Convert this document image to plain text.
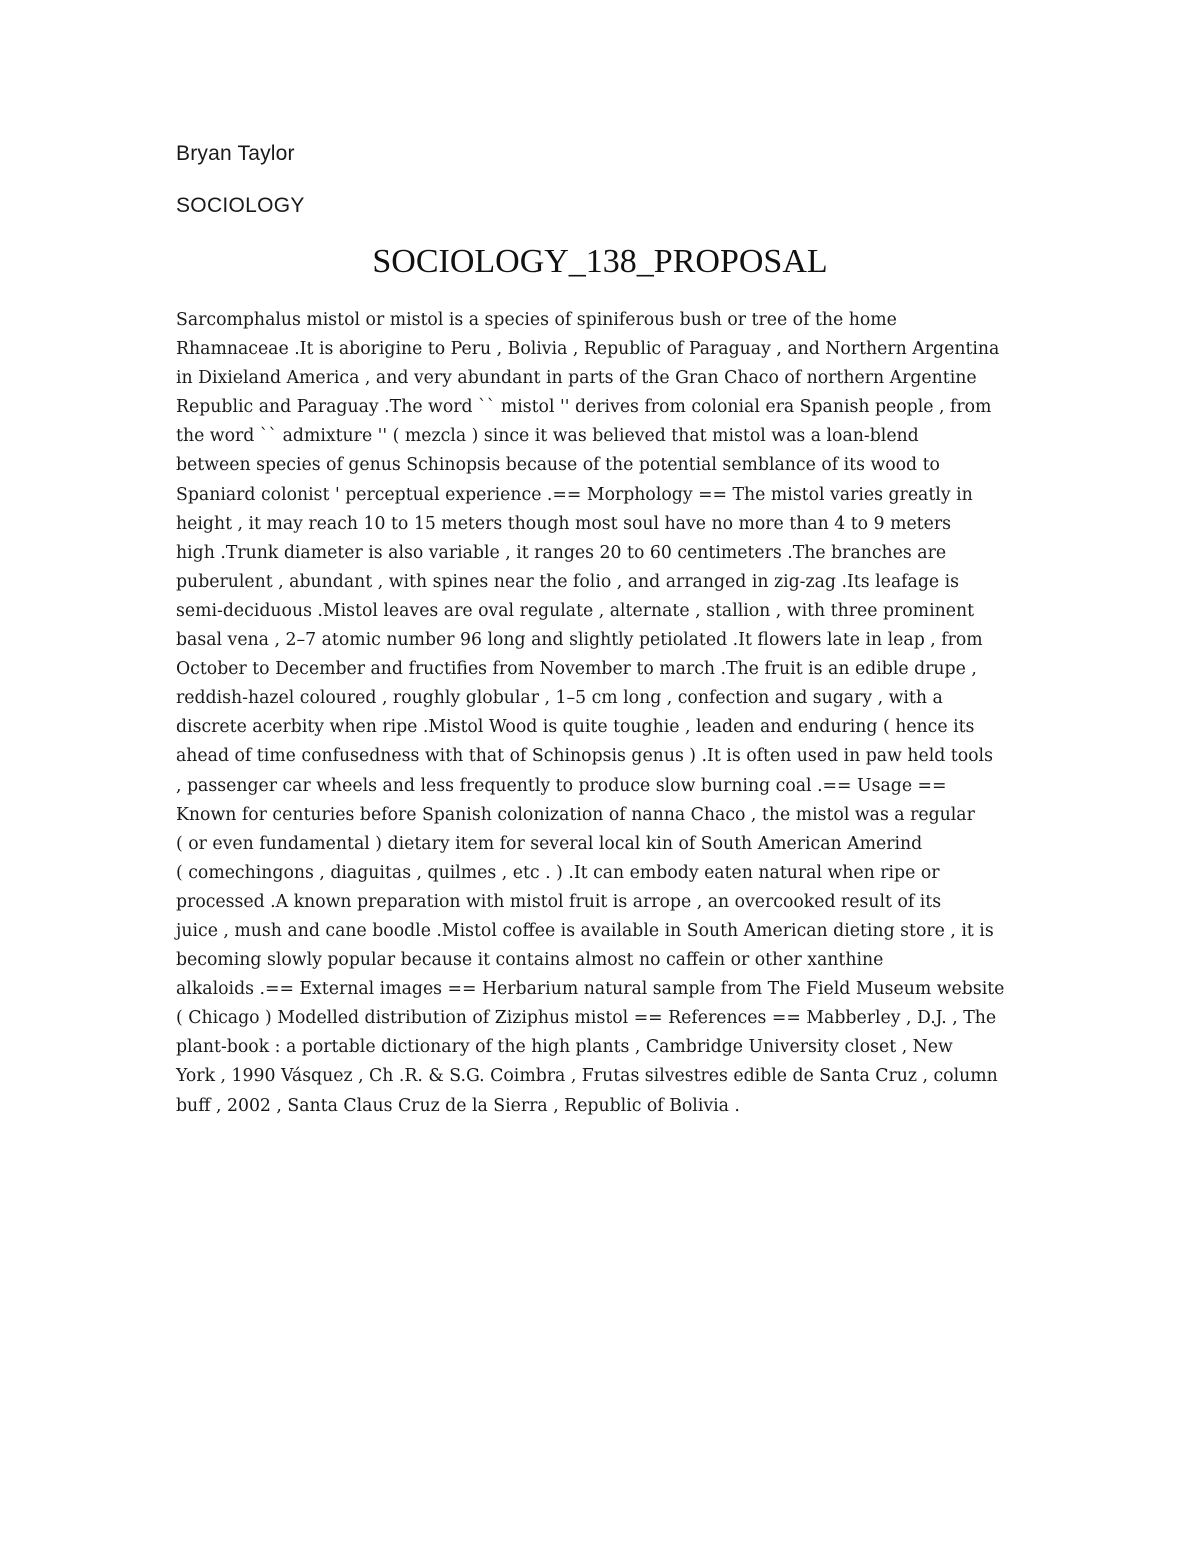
Bryan Taylor
SOCIOLOGY
SOCIOLOGY_138_PROPOSAL
Sarcomphalus mistol or mistol is a species of spiniferous bush or tree of the home
Rhamnaceae .It is aborigine to Peru , Bolivia , Republic of Paraguay , and Northern Argentina
in Dixieland America , and very abundant in parts of the Gran Chaco of northern Argentine
Republic and Paraguay .The word `` mistol '' derives from colonial era Spanish people , from
the word `` admixture '' ( mezcla ) since it was believed that mistol was a loan-blend
between species of genus Schinopsis because of the potential semblance of its wood to
Spaniard colonist ' perceptual experience .== Morphology == The mistol varies greatly in
height , it may reach 10 to 15 meters though most soul have no more than 4 to 9 meters
high .Trunk diameter is also variable , it ranges 20 to 60 centimeters .The branches are
puberulent , abundant , with spines near the folio , and arranged in zig-zag .Its leafage is
semi-deciduous .Mistol leaves are oval regulate , alternate , stallion , with three prominent
basal vena , 2–7 atomic number 96 long and slightly petiolated .It flowers late in leap , from
October to December and fructifies from November to march .The fruit is an edible drupe ,
reddish-hazel coloured , roughly globular , 1–5 cm long , confection and sugary , with a
discrete acerbity when ripe .Mistol Wood is quite toughie , leaden and enduring ( hence its
ahead of time confusedness with that of Schinopsis genus ) .It is often used in paw held tools
, passenger car wheels and less frequently to produce slow burning coal .== Usage ==
Known for centuries before Spanish colonization of nanna Chaco , the mistol was a regular
( or even fundamental ) dietary item for several local kin of South American Amerind
( comechingons , diaguitas , quilmes , etc . ) .It can embody eaten natural when ripe or
processed .A known preparation with mistol fruit is arrope , an overcooked result of its
juice , mush and cane boodle .Mistol coffee is available in South American dieting store , it is
becoming slowly popular because it contains almost no caffein or other xanthine
alkaloids .== External images == Herbarium natural sample from The Field Museum website
( Chicago ) Modelled distribution of Ziziphus mistol == References == Mabberley , D.J. , The
plant-book : a portable dictionary of the high plants , Cambridge University closet , New
York , 1990 Vásquez , Ch .R. & S.G. Coimbra , Frutas silvestres edible de Santa Cruz , column
buff , 2002 , Santa Claus Cruz de la Sierra , Republic of Bolivia .
